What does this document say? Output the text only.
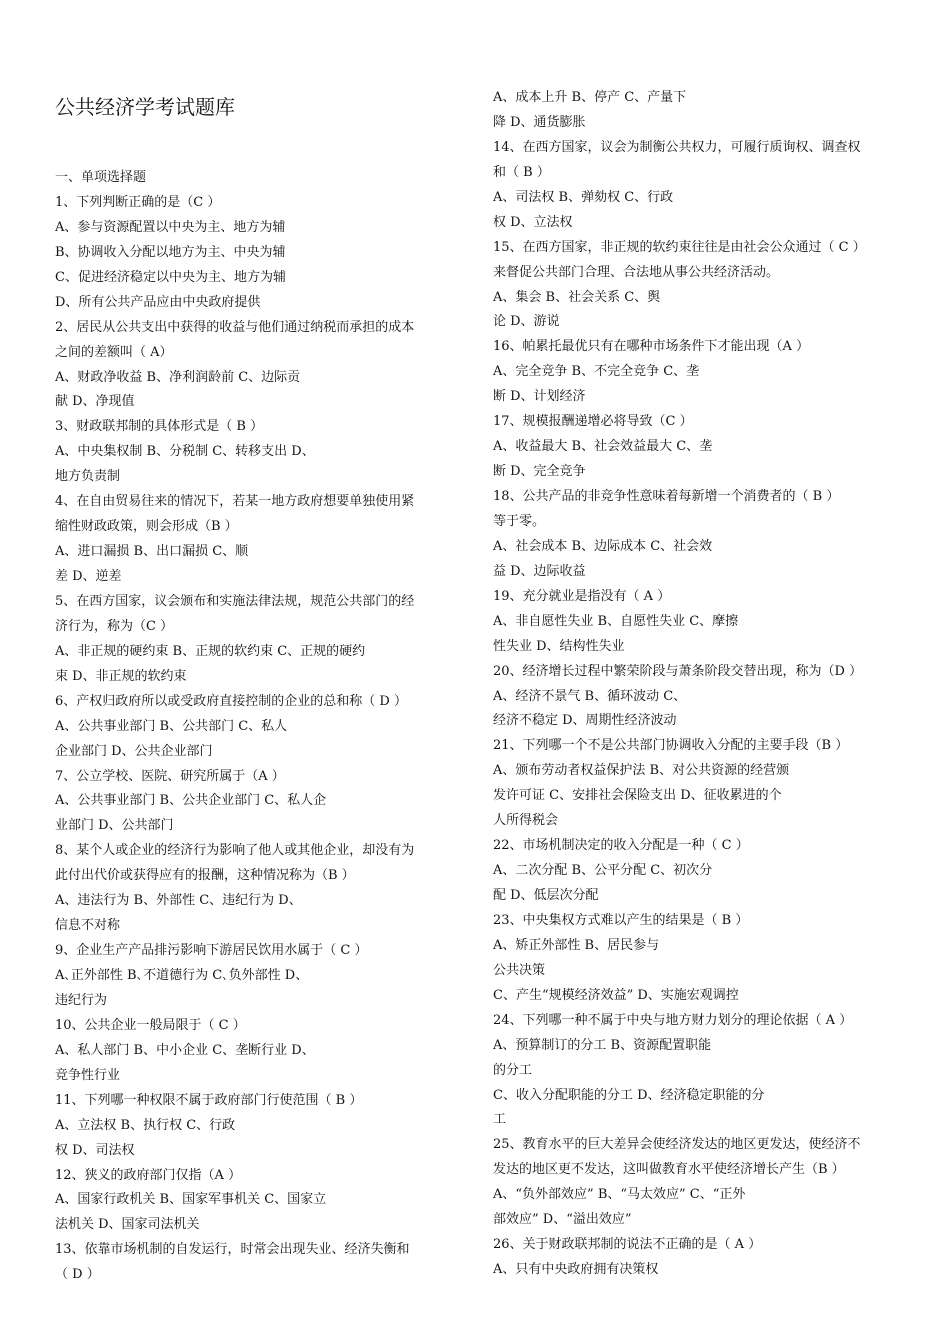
公共经济学考试题库
一、单项选择题
1、下列判断正确的是（C ）
A、参与资源配置以中央为主、地方为辅
B、协调收入分配以地方为主、中央为辅
C、促进经济稳定以中央为主、地方为辅
D、所有公共产品应由中央政府提供
2、居民从公共支出中获得的收益与他们通过纳税而承担的成本
之间的差额叫（ A）
A、财政净收益 B、净利润龄前 C、边际贡
献 D、净现值
3、财政联邦制的具体形式是（ B ）
A、中央集权制 B、分税制 C、转移支出 D、
地方负责制
4、在自由贸易往来的情况下，若某一地方政府想要单独使用紧
缩性财政政策，则会形成（B ）
A、进口漏损 B、出口漏损 C、顺
差 D、逆差
5、在西方国家，议会颁布和实施法律法规，规范公共部门的经
济行为，称为（C ）
A、非正规的硬约束 B、正规的软约束 C、正规的硬约
束 D、非正规的软约束
6、产权归政府所以或受政府直接控制的企业的总和称（ D ）
A、公共事业部门 B、公共部门 C、私人
企业部门 D、公共企业部门
7、公立学校、医院、研究所属于（A ）
A、公共事业部门 B、公共企业部门 C、私人企
业部门 D、公共部门
8、某个人或企业的经济行为影响了他人或其他企业，却没有为
此付出代价或获得应有的报酬，这种情况称为（B ）
A、违法行为 B、外部性 C、违纪行为 D、
信息不对称
9、企业生产产品排污影响下游居民饮用水属于（ C ）
A､正外部性 B､不道德行为 C､负外部性 D、
违纪行为
10、公共企业一般局限于（ C ）
A、私人部门 B、中小企业 C、垄断行业 D、
竞争性行业
11、下列哪一种权限不属于政府部门行使范围（ B ）
A、立法权 B、执行权 C、行政
权 D、司法权
12、狭义的政府部门仅指（A ）
A、国家行政机关 B、国家军事机关 C、国家立
法机关 D、国家司法机关
13、依靠市场机制的自发运行，时常会出现失业、经济失衡和
（ D ）
A、成本上升 B、停产 C、产量下
降 D、通货膨胀
14、在西方国家，议会为制衡公共权力，可履行质询权、调查权
和（ B ）
A、司法权 B、弹劾权 C、行政
权 D、立法权
15、在西方国家，非正规的软约束往往是由社会公众通过（ C ）
来督促公共部门合理、合法地从事公共经济活动。
A、集会 B、社会关系 C、舆
论 D、游说
16、帕累托最优只有在哪种市场条件下才能出现（A ）
A、完全竞争 B、不完全竞争 C、垄
断 D、计划经济
17、规模报酬递增必将导致（C ）
A、收益最大 B、社会效益最大 C、垄
断 D、完全竞争
18、公共产品的非竞争性意味着每新增一个消费者的（ B ）
等于零。
A、社会成本 B、边际成本 C、社会效
益 D、边际收益
19、充分就业是指没有（ A ）
A、非自愿性失业 B、自愿性失业 C、摩擦
性失业 D、结构性失业
20、经济增长过程中繁荣阶段与萧条阶段交替出现，称为（D ）
A、经济不景气 B、循环波动 C、
经济不稳定 D、周期性经济波动
21、下列哪一个不是公共部门协调收入分配的主要手段（B ）
A、颁布劳动者权益保护法 B、对公共资源的经营颁
发许可证 C、安排社会保险支出 D、征收累进的个
人所得税会
22、市场机制决定的收入分配是一种（ C ）
A、二次分配 B、公平分配 C、初次分
配 D、低层次分配
23、中央集权方式难以产生的结果是（ B ）
A、矫正外部性 B、居民参与
公共决策
C、产生“规模经济效益” D、实施宏观调控
24、下列哪一种不属于中央与地方财力划分的理论依据（ A ）
A、预算制订的分工 B、资源配置职能
的分工
C、收入分配职能的分工 D、经济稳定职能的分
工
25、教育水平的巨大差异会使经济发达的地区更发达，使经济不
发达的地区更不发达，这叫做教育水平使经济增长产生（B ）
A、“负外部效应” B、“马太效应” C、“正外
部效应” D、“溢出效应”
26、关于财政联邦制的说法不正确的是（ A ）
A、只有中央政府拥有决策权
